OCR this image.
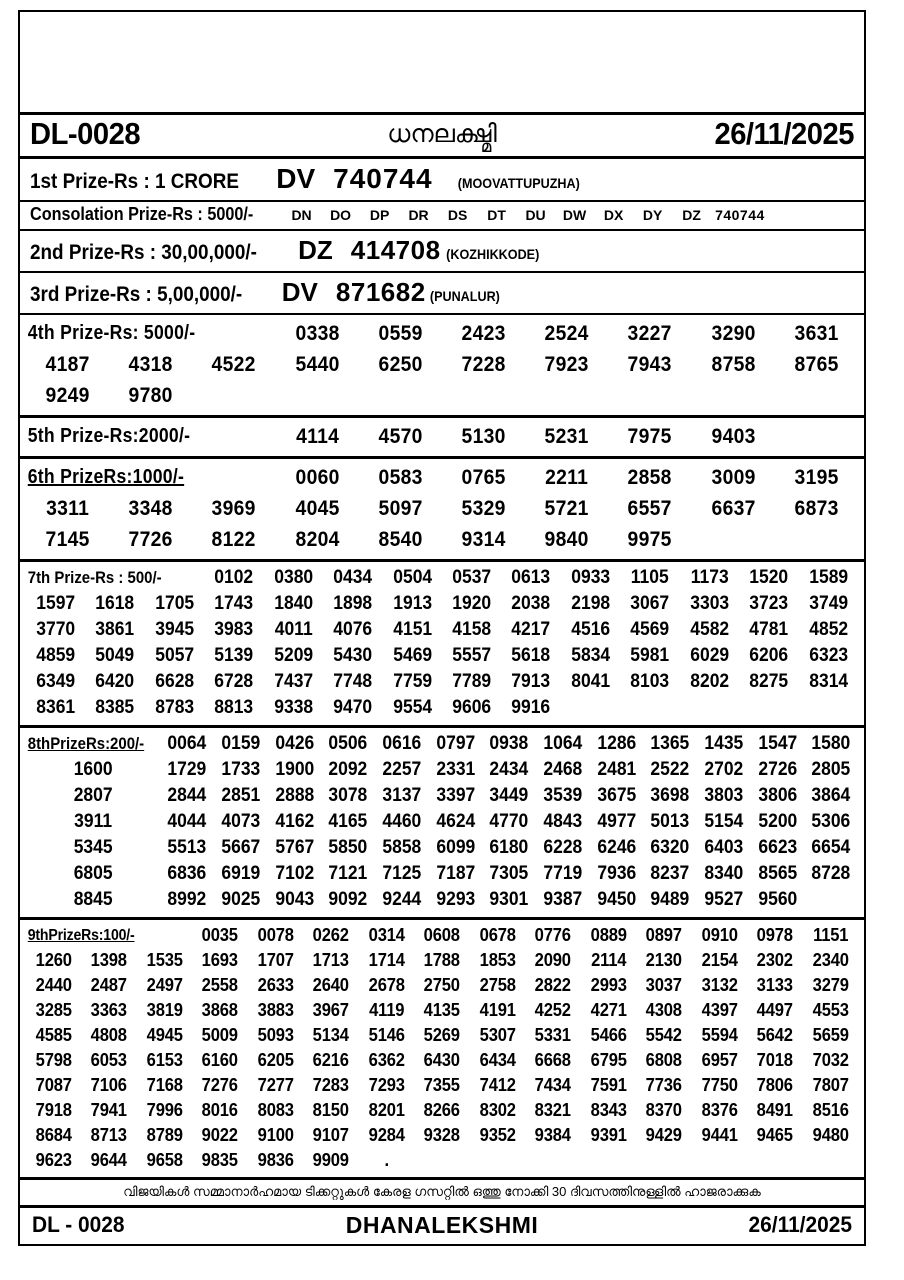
DL-0028	ധനലക്ഷ്മി	26/11/2025
1st Prize-Rs : 1 CRORE DV 740744 (MOOVATTUPUZHA)
Consolation Prize-Rs : 5000/-	DN	DO	DP	DR	DS	DT	DU	DW	DX	DY	DZ	740744
2nd Prize-Rs : 30,00,000/- DZ 414708 (KOZHIKKODE)
3rd Prize-Rs : 5,00,000/- DV 871682 (PUNALUR)
4th Prize-Rs: 5000/-	0338	0559	2423	2524	3227	3290	3631
4187	4318	4522	5440	6250	7228	7923	7943	8758	8765
9249	9780
5th Prize-Rs:2000/-	4114	4570	5130	5231	7975	9403
6th PrizeRs:1000/-	0060	0583	0765	2211	2858	3009	3195
3311	3348	3969	4045	5097	5329	5721	6557	6637	6873
7145	7726	8122	8204	8540	9314	9840	9975
7th Prize-Rs : 500/-	0102	0380	0434	0504	0537	0613	0933	1105	1173	1520	1589
1597	1618	1705	1743	1840	1898	1913	1920	2038	2198	3067	3303	3723	3749
3770	3861	3945	3983	4011	4076	4151	4158	4217	4516	4569	4582	4781	4852
4859	5049	5057	5139	5209	5430	5469	5557	5618	5834	5981	6029	6206	6323
6349	6420	6628	6728	7437	7748	7759	7789	7913	8041	8103	8202	8275	8314
8361	8385	8783	8813	9338	9470	9554	9606	9916
8thPrizeRs:200/- 0064 0159 0426 0506 0616 0797 0938 1064 1286 1365 1435 1547 1580
1600	1729 1733 1900 2092 2257 2331 2434 2468 2481 2522 2702 2726 2805
2807	2844 2851 2888 3078 3137 3397 3449 3539 3675 3698 3803 3806 3864
3911	4044 4073 4162 4165 4460 4624 4770 4843 4977 5013 5154 5200 5306
5345	5513 5667 5767 5850 5858 6099 6180 6228 6246 6320 6403 6623 6654
6805	6836 6919 7102 7121 7125 7187 7305 7719 7936 8237 8340 8565 8728
8845	8992 9025 9043 9092 9244 9293 9301 9387 9450 9489 9527 9560
9thPrizeRs:100/-	0035	0078	0262	0314	0608	0678	0776	0889	0897	0910	0978	1151
1260	1398	1535	1693	1707	1713	1714	1788	1853	2090	2114	2130	2154	2302	2340
2440	2487	2497	2558	2633	2640	2678	2750	2758	2822	2993	3037	3132	3133	3279
3285	3363	3819	3868	3883	3967	4119	4135	4191	4252	4271	4308	4397	4497	4553
4585	4808	4945	5009	5093	5134	5146	5269	5307	5331	5466	5542	5594	5642	5659
5798	6053	6153	6160	6205	6216	6362	6430	6434	6668	6795	6808	6957	7018	7032
7087	7106	7168	7276	7277	7283	7293	7355	7412	7434	7591	7736	7750	7806	7807
7918	7941	7996	8016	8083	8150	8201	8266	8302	8321	8343	8370	8376	8491	8516
8684	8713	8789	9022	9100	9107	9284	9328	9352	9384	9391	9429	9441	9465	9480
9623	9644	9658	9835	9836	9909	.
വിജയികൾ സമ്മാനാർഹമായ ടിക്കറ്റുകൾ കേരള ഗസറ്റിൽ ഒത്തു നോക്കി 30 ദിവസത്തിനുള്ളിൽ ഹാജരാക്കുക
DL - 0028	DHANALEKSHMI	26/11/2025
